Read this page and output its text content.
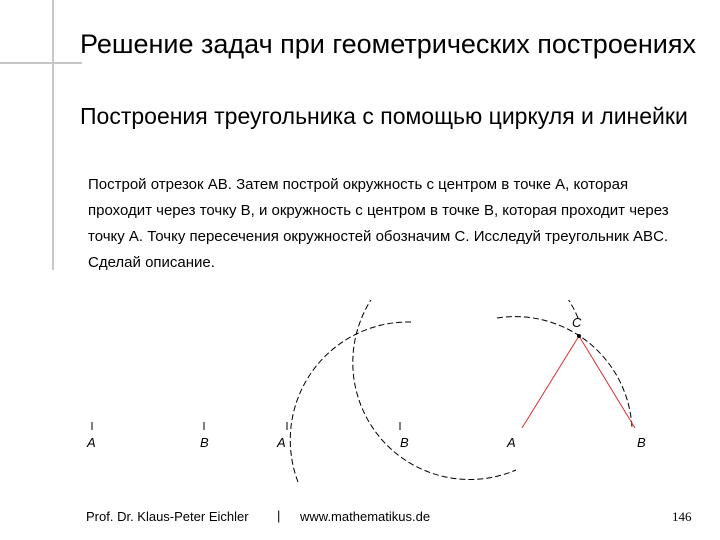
Решение задач при геометрических построениях
Построения треугольника с помощью циркуля и линейки

Построй отрезок AB. Затем построй окружность с центром в точке A, которая проходит через точку B, и окружность с центром в точке B, которая проходит через точку A. Точку пересечения окружностей обозначим C. Исследуй треугольник ABC. Сделай описание.

A	B	A	B
C
A	B
Prof. Dr. Klaus-Peter Eichler | www.mathematikus.de	146
